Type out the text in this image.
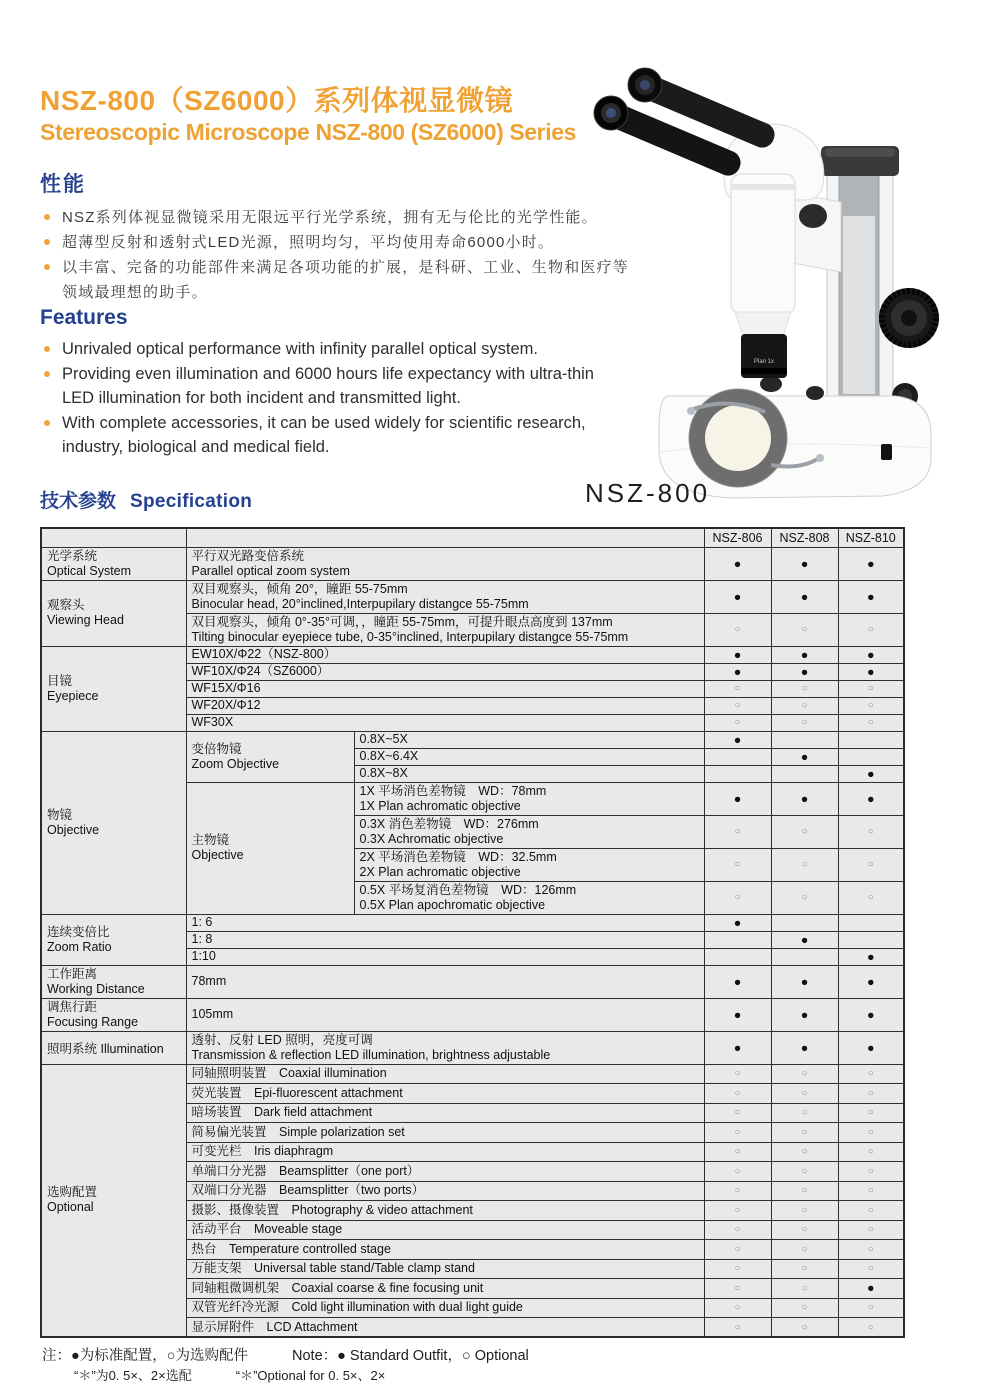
NSZ-800（SZ6000）系列体视显微镜
Stereoscopic Microscope NSZ-800 (SZ6000) Series
性能
NSZ系列体视显微镜采用无限远平行光学系统，拥有无与伦比的光学性能。
超薄型反射和透射式LED光源，照明均匀，平均使用寿命6000小时。
以丰富、完备的功能部件来满足各项功能的扩展，是科研、工业、生物和医疗等领域最理想的助手。
Features
Unrivaled optical performance with infinity parallel optical system.
Providing even illumination and 6000 hours life expectancy with ultra-thin LED illumination for both incident and transmitted light.
With complete accessories, it can be used widely for scientific research, industry, biological and medical field.
Plan 1x
NSZ-800
技术参数 Specification
			NSZ-806	NSZ-808	NSZ-810

光学系统
Optical System	平行双光路变倍系统
Parallel optical zoom system		●	●	●

观察头
Viewing Head	双目观察头，倾角 20°，瞳距 55-75mm
Binocular head, 20°inclined,Interpupilary distangce 55-75mm		●	●	●

	双目观察头，倾角 0°-35°可调，，瞳距 55-75mm，可提升眼点高度到 137mm
Tilting binocular eyepiece tube, 0-35°inclined, Interpupilary distangce 55-75mm		○	○	○

目镜
Eyepiece	EW10X/Φ22（NSZ-800）		●	●	●
	WF10X/Φ24（SZ6000）		●	●	●
	WF15X/Φ16		○	○	○
	WF20X/Φ12		○	○	○
	WF30X		○	○	○

物镜
Objective	变倍物镜
Zoom Objective	0.8X~5X	●		
		0.8X~6.4X		●	
		0.8X~8X			●

	主物镜
Objective	1X 平场消色差物镜　WD：78mm
1X Plan achromatic objective	●	●	●

		0.3X 消色差物镜　WD：276mm
0.3X Achromatic objective	○	○	○

		2X 平场消色差物镜　WD：32.5mm
2X Plan achromatic objective	○	○	○

		0.5X 平场复消色差物镜　WD：126mm
0.5X Plan apochromatic objective	○	○	○

连续变倍比
Zoom Ratio	1: 6		●		
	1: 8			●	
	1:10				●

工作距离
Working Distance	78mm		●	●	●

调焦行距
Focusing Range	105mm		●	●	●
照明系统 Illumination	透射、反射 LED 照明，亮度可调
Transmission & reflection LED illumination, brightness adjustable		●	●	●

选购配置
Optional	同轴照明装置　Coaxial illumination		○	○	○
	荧光装置　Epi-fluorescent attachment		○	○	○
	暗场装置　Dark field attachment		○	○	○
	简易偏光装置　Simple polarization set		○	○	○
	可变光栏　Iris diaphragm		○	○	○
	单端口分光器　Beamsplitter（one port）		○	○	○
	双端口分光器　Beamsplitter（two ports）		○	○	○
	摄影、摄像装置　Photography & video attachment		○	○	○
	活动平台　Moveable stage		○	○	○
	热台　Temperature controlled stage		○	○	○
	万能支架　Universal table stand/Table clamp stand		○	○	○
	同轴粗微调机架　Coaxial coarse & fine focusing unit		○	○	●
	双管光纤冷光源　Cold light illumination with dual light guide		○	○	○
	显示屏附件　LCD Attachment		○	○	○
注：●为标准配置，○为选购配件	Note：● Standard Outfit，○ Optional
“＊”为0. 5×、2×选配	“＊”Optional for 0. 5×、2×
